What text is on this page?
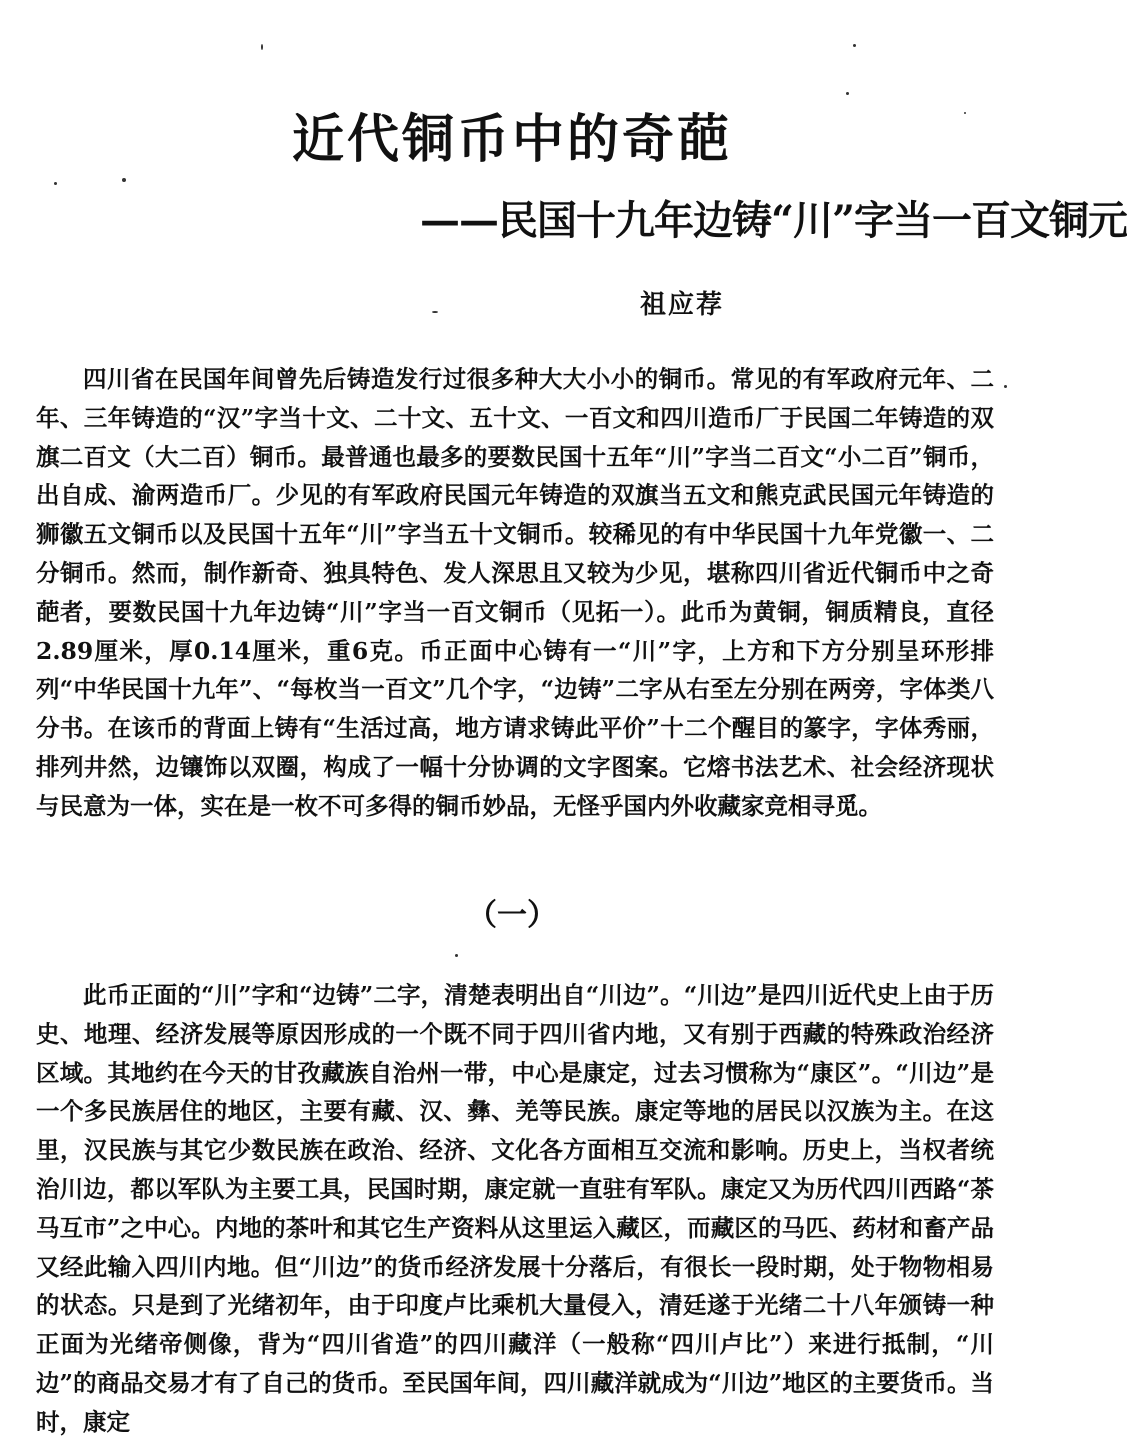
近代铜币中的奇葩
——民国十九年边铸“川”字当一百文铜元
祖应荐

四川省在民国年间曾先后铸造发行过很多种大大小小的铜币。常见的有军政府元年、二年、三年铸造的“汉”字当十文、二十文、五十文、一百文和四川造币厂于民国二年铸造的双旗二百文（大二百）铜币。最普通也最多的要数民国十五年“川”字当二百文“小二百”铜币，出自成、渝两造币厂。少见的有军政府民国元年铸造的双旗当五文和熊克武民国元年铸造的狮徽五文铜币以及民国十五年“川”字当五十文铜币。较稀见的有中华民国十九年党徽一、二分铜币。然而，制作新奇、独具特色、发人深思且又较为少见，堪称四川省近代铜币中之奇葩者，要数民国十九年边铸“川”字当一百文铜币（见拓一）。此币为黄铜，铜质精良，直径2.89厘米，厚0.14厘米，重6克。币正面中心铸有一“川”字，上方和下方分别呈环形排列“中华民国十九年”、“每枚当一百文”几个字，“边铸”二字从右至左分别在两旁，字体类八分书。在该币的背面上铸有“生活过高，地方请求铸此平价”十二个醒目的篆字，字体秀丽，排列井然，边镶饰以双圈，构成了一幅十分协调的文字图案。它熔书法艺术、社会经济现状与民意为一体，实在是一枚不可多得的铜币妙品，无怪乎国内外收藏家竞相寻觅。

（一）

此币正面的“川”字和“边铸”二字，清楚表明出自“川边”。“川边”是四川近代史上由于历史、地理、经济发展等原因形成的一个既不同于四川省内地，又有别于西藏的特殊政治经济区域。其地约在今天的甘孜藏族自治州一带，中心是康定，过去习惯称为“康区”。“川边”是一个多民族居住的地区，主要有藏、汉、彝、羌等民族。康定等地的居民以汉族为主。在这里，汉民族与其它少数民族在政治、经济、文化各方面相互交流和影响。历史上，当权者统治川边，都以军队为主要工具，民国时期，康定就一直驻有军队。康定又为历代四川西路“茶马互市”之中心。内地的茶叶和其它生产资料从这里运入藏区，而藏区的马匹、药材和畜产品又经此输入四川内地。但“川边”的货币经济发展十分落后，有很长一段时期，处于物物相易的状态。只是到了光绪初年，由于印度卢比乘机大量侵入，清廷遂于光绪二十八年颁铸一种正面为光绪帝侧像，背为“四川省造”的四川藏洋（一般称“四川卢比”）来进行抵制，“川边”的商品交易才有了自己的货币。至民国年间，四川藏洋就成为“川边”地区的主要货币。当时，康定
